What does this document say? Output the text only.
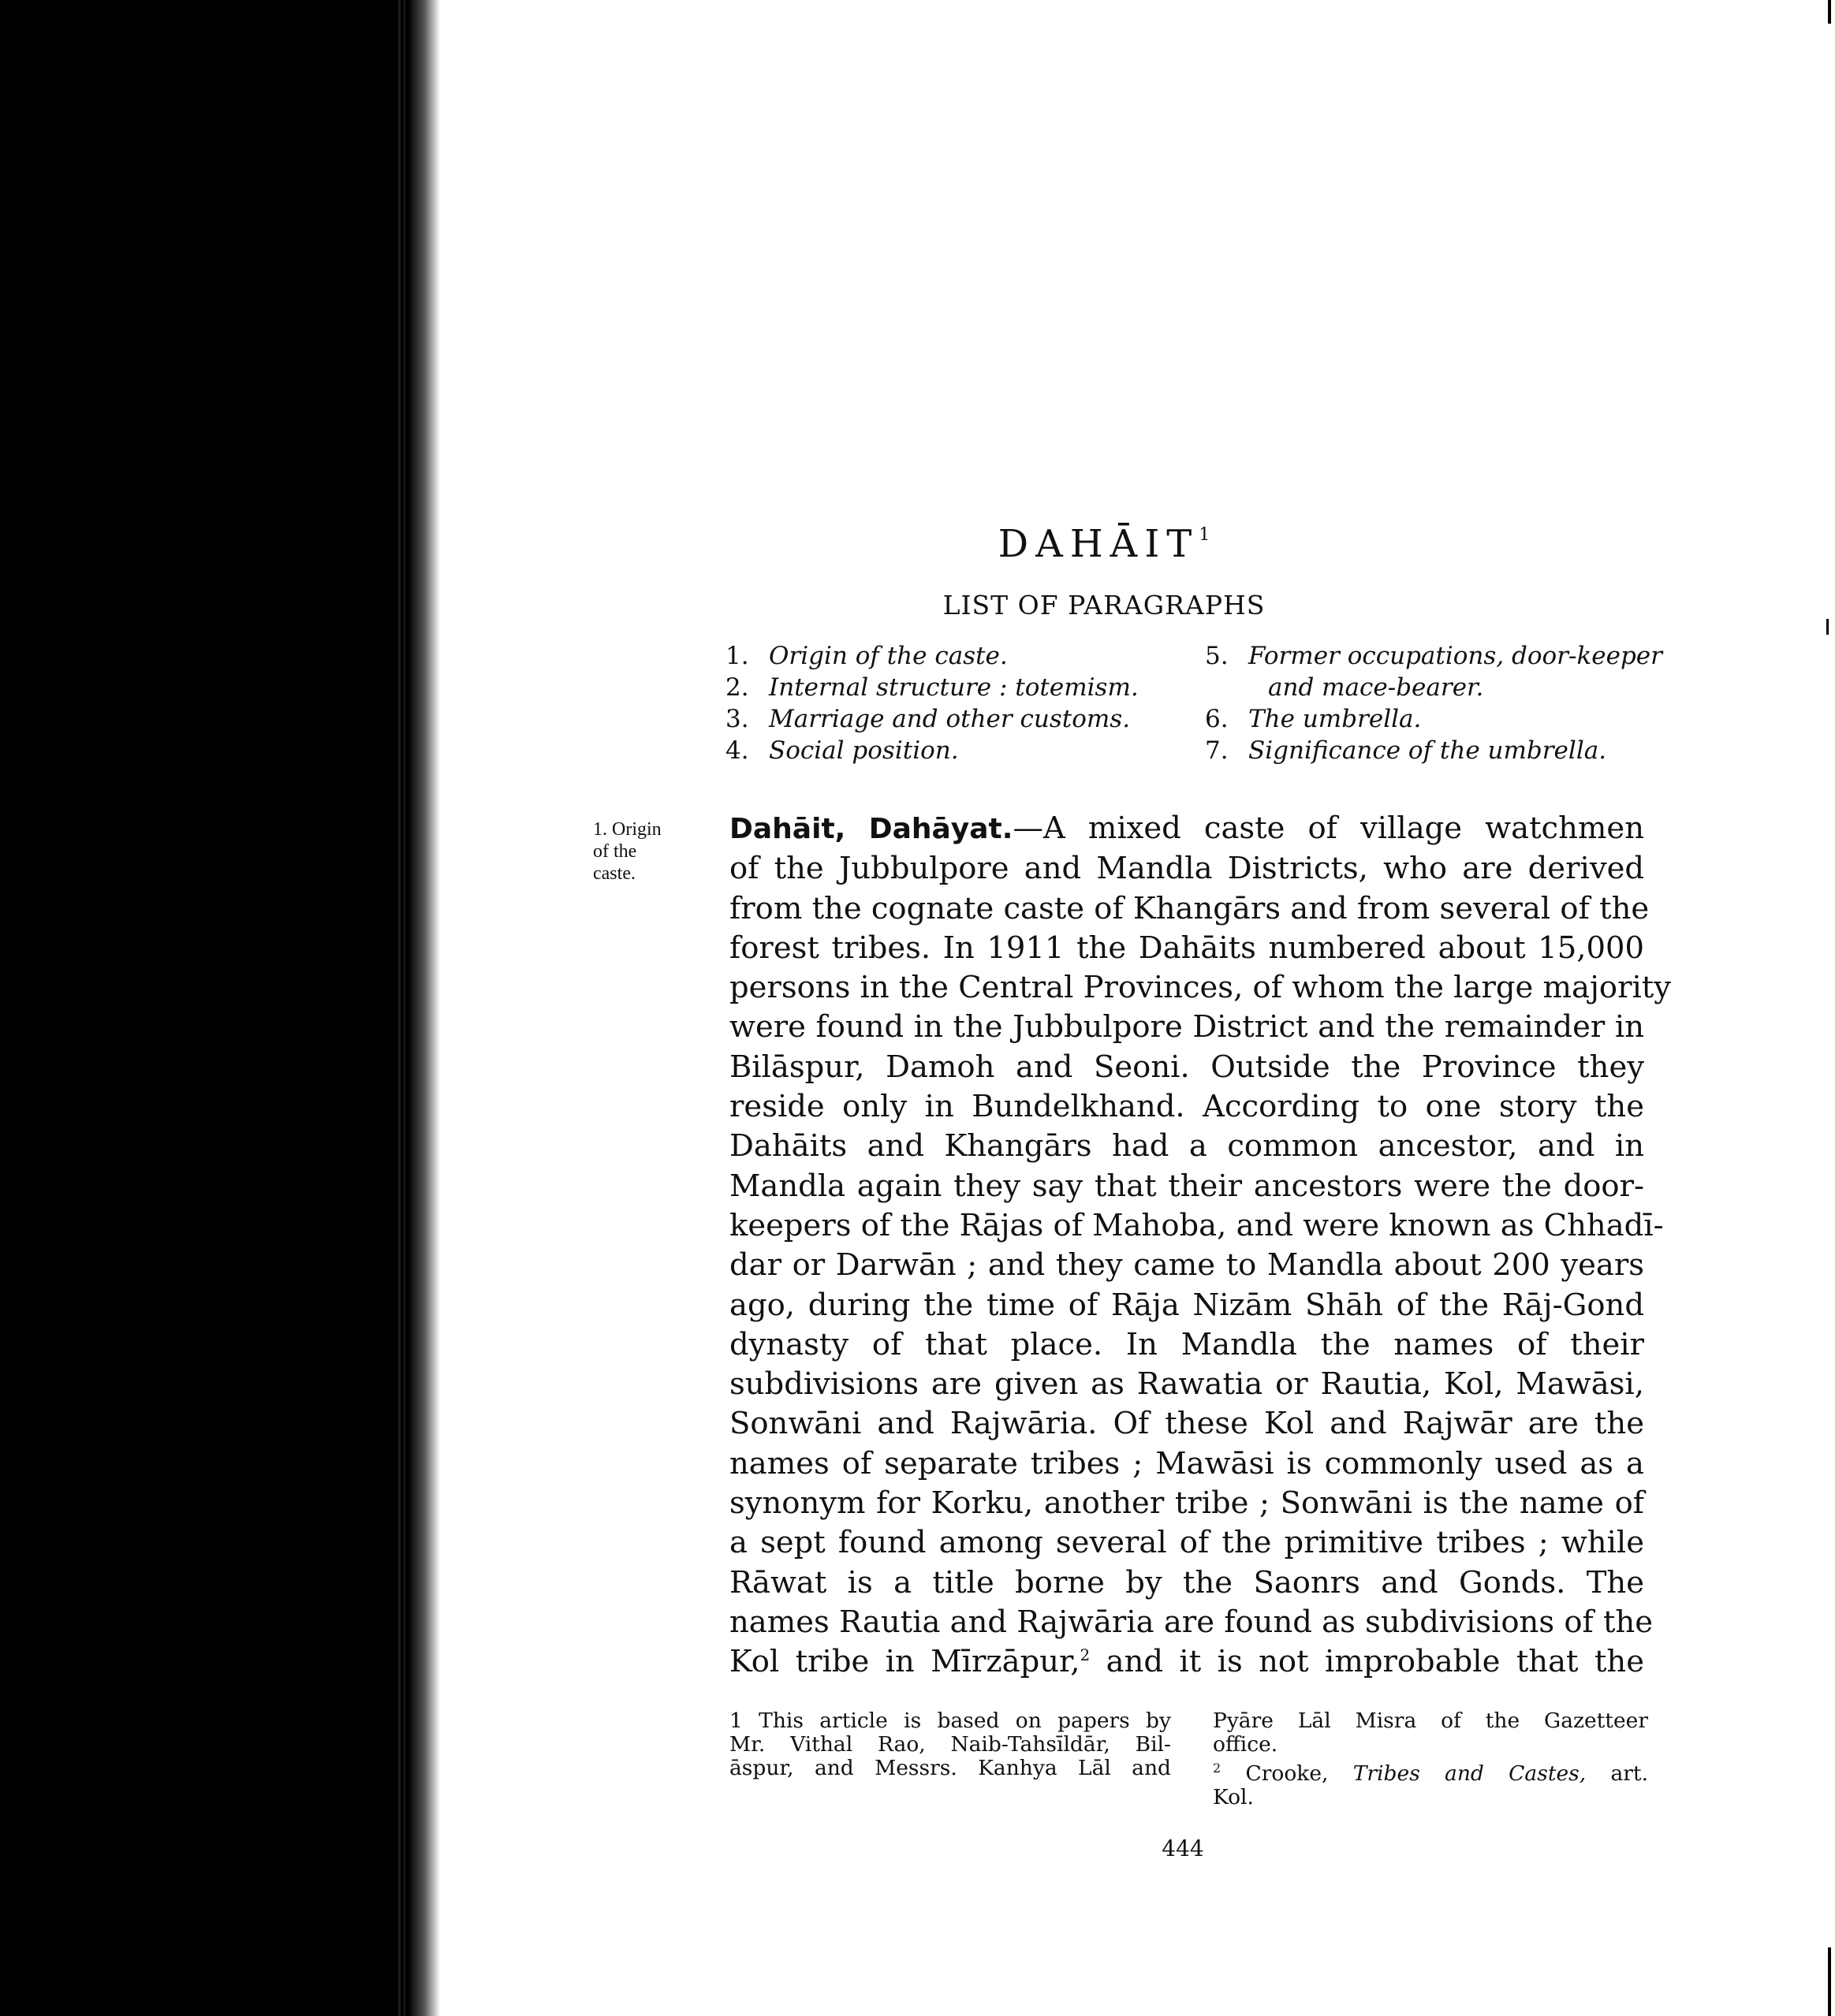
DAHĀIT$^1$
LIST OF PARAGRAPHS
1. Origin of the caste.
2. Internal structure : totemism.
3. Marriage and other customs.
4. Social position.
5. Former occupations, door-keeper
and mace-bearer.
6. The umbrella.
7. Significance of the umbrella.
1. Origin
of the
caste.
Dahāit, Dahāyat.—A mixed caste of village watchmen
of the Jubbulpore and Mandla Districts, who are derived
from the cognate caste of Khangārs and from several of the
forest tribes. In 1911 the Dahāits numbered about 15,000
persons in the Central Provinces, of whom the large majority
were found in the Jubbulpore District and the remainder in
Bilāspur, Damoh and Seoni. Outside the Province they
reside only in Bundelkhand. According to one story the
Dahāits and Khangārs had a common ancestor, and in
Mandla again they say that their ancestors were the door-
keepers of the Rājas of Mahoba, and were known as Chhadī-
dar or Darwān ; and they came to Mandla about 200 years
ago, during the time of Rāja Nizām Shāh of the Rāj-Gond
dynasty of that place. In Mandla the names of their
subdivisions are given as Rawatia or Rautia, Kol, Mawāsi,
Sonwāni and Rajwāria. Of these Kol and Rajwār are the
names of separate tribes ; Mawāsi is commonly used as a
synonym for Korku, another tribe ; Sonwāni is the name of
a sept found among several of the primitive tribes ; while
Rāwat is a title borne by the Saonrs and Gonds. The
names Rautia and Rajwāria are found as subdivisions of the
Kol tribe in Mīrzāpur,$^2$ and it is not improbable that the
1 This article is based on papers by
Mr. Vithal Rao, Naib-Tahsīldār, Bil-
āspur, and Messrs. Kanhya Lāl and
Pyāre Lāl Misra of the Gazetteer
office.
$^2$ Crooke, Tribes and Castes, art.
Kol.
444
